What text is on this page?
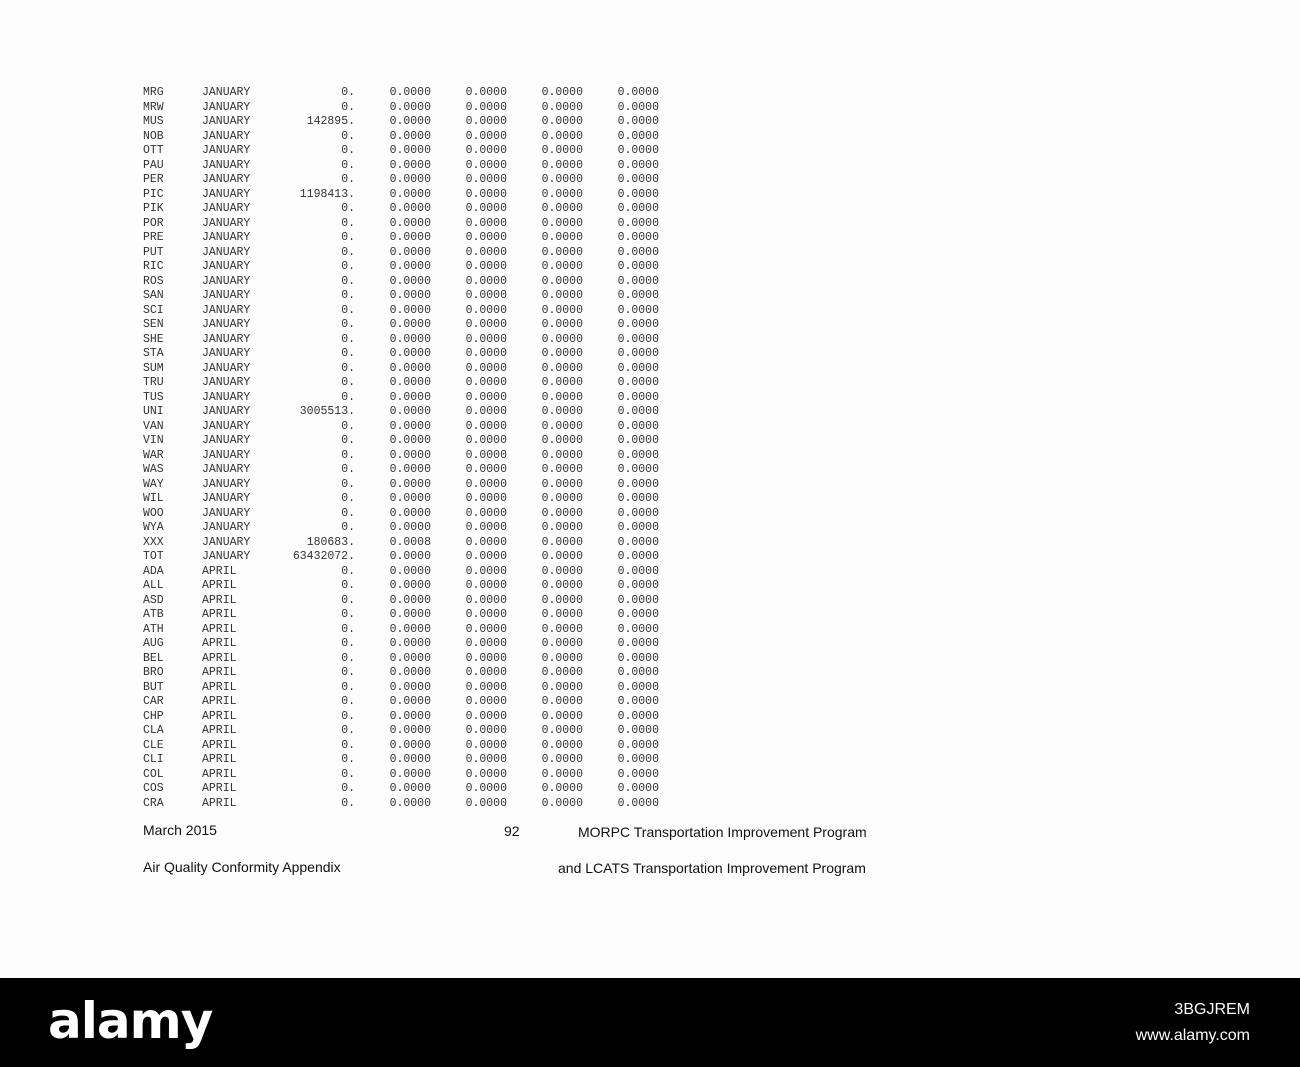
MRG	JANUARY	0.	0.0000	0.0000	0.0000	0.0000
MRW	JANUARY	0.	0.0000	0.0000	0.0000	0.0000
MUS	JANUARY	142895.	0.0000	0.0000	0.0000	0.0000
NOB	JANUARY	0.	0.0000	0.0000	0.0000	0.0000
OTT	JANUARY	0.	0.0000	0.0000	0.0000	0.0000
PAU	JANUARY	0.	0.0000	0.0000	0.0000	0.0000
PER	JANUARY	0.	0.0000	0.0000	0.0000	0.0000
PIC	JANUARY	1198413.	0.0000	0.0000	0.0000	0.0000
PIK	JANUARY	0.	0.0000	0.0000	0.0000	0.0000
POR	JANUARY	0.	0.0000	0.0000	0.0000	0.0000
PRE	JANUARY	0.	0.0000	0.0000	0.0000	0.0000
PUT	JANUARY	0.	0.0000	0.0000	0.0000	0.0000
RIC	JANUARY	0.	0.0000	0.0000	0.0000	0.0000
ROS	JANUARY	0.	0.0000	0.0000	0.0000	0.0000
SAN	JANUARY	0.	0.0000	0.0000	0.0000	0.0000
SCI	JANUARY	0.	0.0000	0.0000	0.0000	0.0000
SEN	JANUARY	0.	0.0000	0.0000	0.0000	0.0000
SHE	JANUARY	0.	0.0000	0.0000	0.0000	0.0000
STA	JANUARY	0.	0.0000	0.0000	0.0000	0.0000
SUM	JANUARY	0.	0.0000	0.0000	0.0000	0.0000
TRU	JANUARY	0.	0.0000	0.0000	0.0000	0.0000
TUS	JANUARY	0.	0.0000	0.0000	0.0000	0.0000
UNI	JANUARY	3005513.	0.0000	0.0000	0.0000	0.0000
VAN	JANUARY	0.	0.0000	0.0000	0.0000	0.0000
VIN	JANUARY	0.	0.0000	0.0000	0.0000	0.0000
WAR	JANUARY	0.	0.0000	0.0000	0.0000	0.0000
WAS	JANUARY	0.	0.0000	0.0000	0.0000	0.0000
WAY	JANUARY	0.	0.0000	0.0000	0.0000	0.0000
WIL	JANUARY	0.	0.0000	0.0000	0.0000	0.0000
WOO	JANUARY	0.	0.0000	0.0000	0.0000	0.0000
WYA	JANUARY	0.	0.0000	0.0000	0.0000	0.0000
XXX	JANUARY	180683.	0.0008	0.0000	0.0000	0.0000
TOT	JANUARY	63432072.	0.0000	0.0000	0.0000	0.0000
ADA	APRIL	0.	0.0000	0.0000	0.0000	0.0000
ALL	APRIL	0.	0.0000	0.0000	0.0000	0.0000
ASD	APRIL	0.	0.0000	0.0000	0.0000	0.0000
ATB	APRIL	0.	0.0000	0.0000	0.0000	0.0000
ATH	APRIL	0.	0.0000	0.0000	0.0000	0.0000
AUG	APRIL	0.	0.0000	0.0000	0.0000	0.0000
BEL	APRIL	0.	0.0000	0.0000	0.0000	0.0000
BRO	APRIL	0.	0.0000	0.0000	0.0000	0.0000
BUT	APRIL	0.	0.0000	0.0000	0.0000	0.0000
CAR	APRIL	0.	0.0000	0.0000	0.0000	0.0000
CHP	APRIL	0.	0.0000	0.0000	0.0000	0.0000
CLA	APRIL	0.	0.0000	0.0000	0.0000	0.0000
CLE	APRIL	0.	0.0000	0.0000	0.0000	0.0000
CLI	APRIL	0.	0.0000	0.0000	0.0000	0.0000
COL	APRIL	0.	0.0000	0.0000	0.0000	0.0000
COS	APRIL	0.	0.0000	0.0000	0.0000	0.0000
CRA	APRIL	0.	0.0000	0.0000	0.0000	0.0000
March 2015	92	MORPC Transportation Improvement Program
Air Quality Conformity Appendix	and LCATS Transportation Improvement Program
alamy	3BGJREM
www.alamy.com
